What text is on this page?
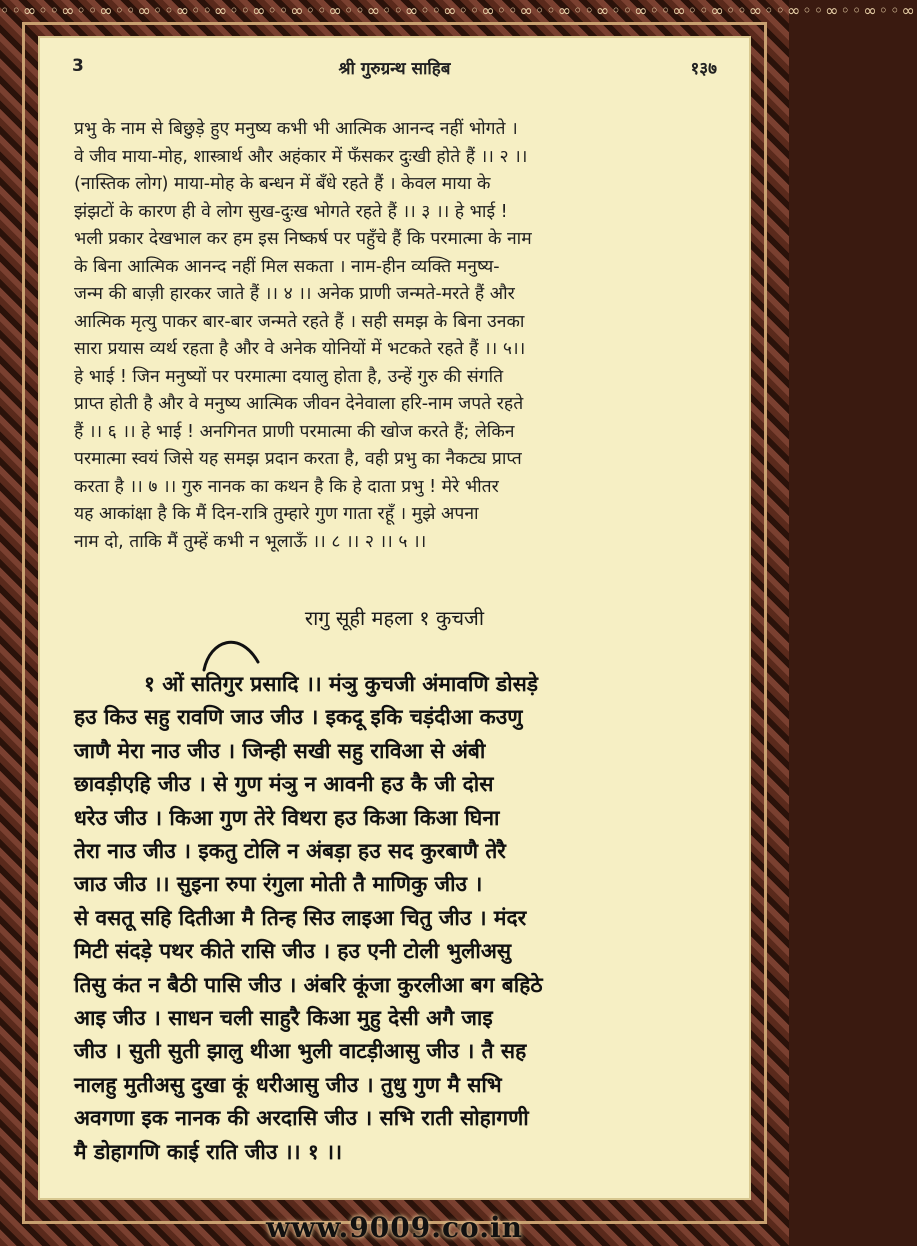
◦◦∞◦◦∞◦◦∞◦◦∞◦◦∞◦◦∞◦◦∞◦◦∞◦◦∞◦◦∞◦◦∞◦◦∞◦◦∞◦◦∞◦◦∞◦◦∞◦◦∞◦◦∞◦◦∞◦◦∞◦◦∞◦◦∞◦◦∞◦◦∞
3	श्री गुरुग्रन्थ साहिब	१३७
प्रभु के नाम से बिछुड़े हुए मनुष्य कभी भी आत्मिक आनन्द नहीं भोगते ।
वे जीव माया-मोह, शास्त्रार्थ और अहंकार में फँसकर दुःखी होते हैं ।। २ ।।
(नास्तिक लोग) माया-मोह के बन्धन में बँधे रहते हैं । केवल माया के
झंझटों के कारण ही वे लोग सुख-दुःख भोगते रहते हैं ।। ३ ।। हे भाई !
भली प्रकार देखभाल कर हम इस निष्कर्ष पर पहुँचे हैं कि परमात्मा के नाम
के बिना आत्मिक आनन्द नहीं मिल सकता । नाम-हीन व्यक्ति मनुष्य-
जन्म की बाज़ी हारकर जाते हैं ।। ४ ।। अनेक प्राणी जन्मते-मरते हैं और
आत्मिक मृत्यु पाकर बार-बार जन्मते रहते हैं । सही समझ के बिना उनका
सारा प्रयास व्यर्थ रहता है और वे अनेक योनियों में भटकते रहते हैं ।। ५।।
हे भाई ! जिन मनुष्यों पर परमात्मा दयालु होता है, उन्हें गुरु की संगति
प्राप्त होती है और वे मनुष्य आत्मिक जीवन देनेवाला हरि-नाम जपते रहते
हैं ।। ६ ।। हे भाई ! अनगिनत प्राणी परमात्मा की खोज करते हैं; लेकिन
परमात्मा स्वयं जिसे यह समझ प्रदान करता है, वही प्रभु का नैकट्य प्राप्त
करता है ।। ७ ।। गुरु नानक का कथन है कि हे दाता प्रभु ! मेरे भीतर
यह आकांक्षा है कि मैं दिन-रात्रि तुम्हारे गुण गाता रहूँ । मुझे अपना
नाम दो, ताकि मैं तुम्हें कभी न भूलाऊँ ।। ८ ।। २ ।। ५ ।।
रागु सूही महला १ कुचजी
१ ओं सतिगुर प्रसादि ।। मंञु कुचजी अंमावणि डोसड़े
हउ किउ सहु रावणि जाउ जीउ । इकदू इकि चड़ंदीआ कउणु
जाणै मेरा नाउ जीउ । जिन्ही सखी सहु राविआ से अंबी
छावड़ीएहि जीउ । से गुण मंञु न आवनी हउ कै जी दोस
धरेउ जीउ । किआ गुण तेरे विथरा हउ किआ किआ घिना
तेरा नाउ जीउ । इकतु टोलि न अंबड़ा हउ सद कुरबाणै तेरै
जाउ जीउ ।। सुइना रुपा रंगुला मोती तै माणिकु जीउ ।
से वसतू सहि दितीआ मै तिन्ह सिउ लाइआ चितु जीउ । मंदर
मिटी संदड़े पथर कीते रासि जीउ । हउ एनी टोली भुलीअसु
तिसु कंत न बैठी पासि जीउ । अंबरि कूंजा कुरलीआ बग बहिठे
आइ जीउ । साधन चली साहुरै किआ मुहु देसी अगै जाइ
जीउ । सुती सुती झालु थीआ भुली वाटड़ीआसु जीउ । तै सह
नालहु मुतीअसु दुखा कूं धरीआसु जीउ । तुधु गुण मै सभि
अवगणा इक नानक की अरदासि जीउ । सभि राती सोहागणी
मै डोहागणि काई राति जीउ ।। १ ।।
www.9009.co.in
